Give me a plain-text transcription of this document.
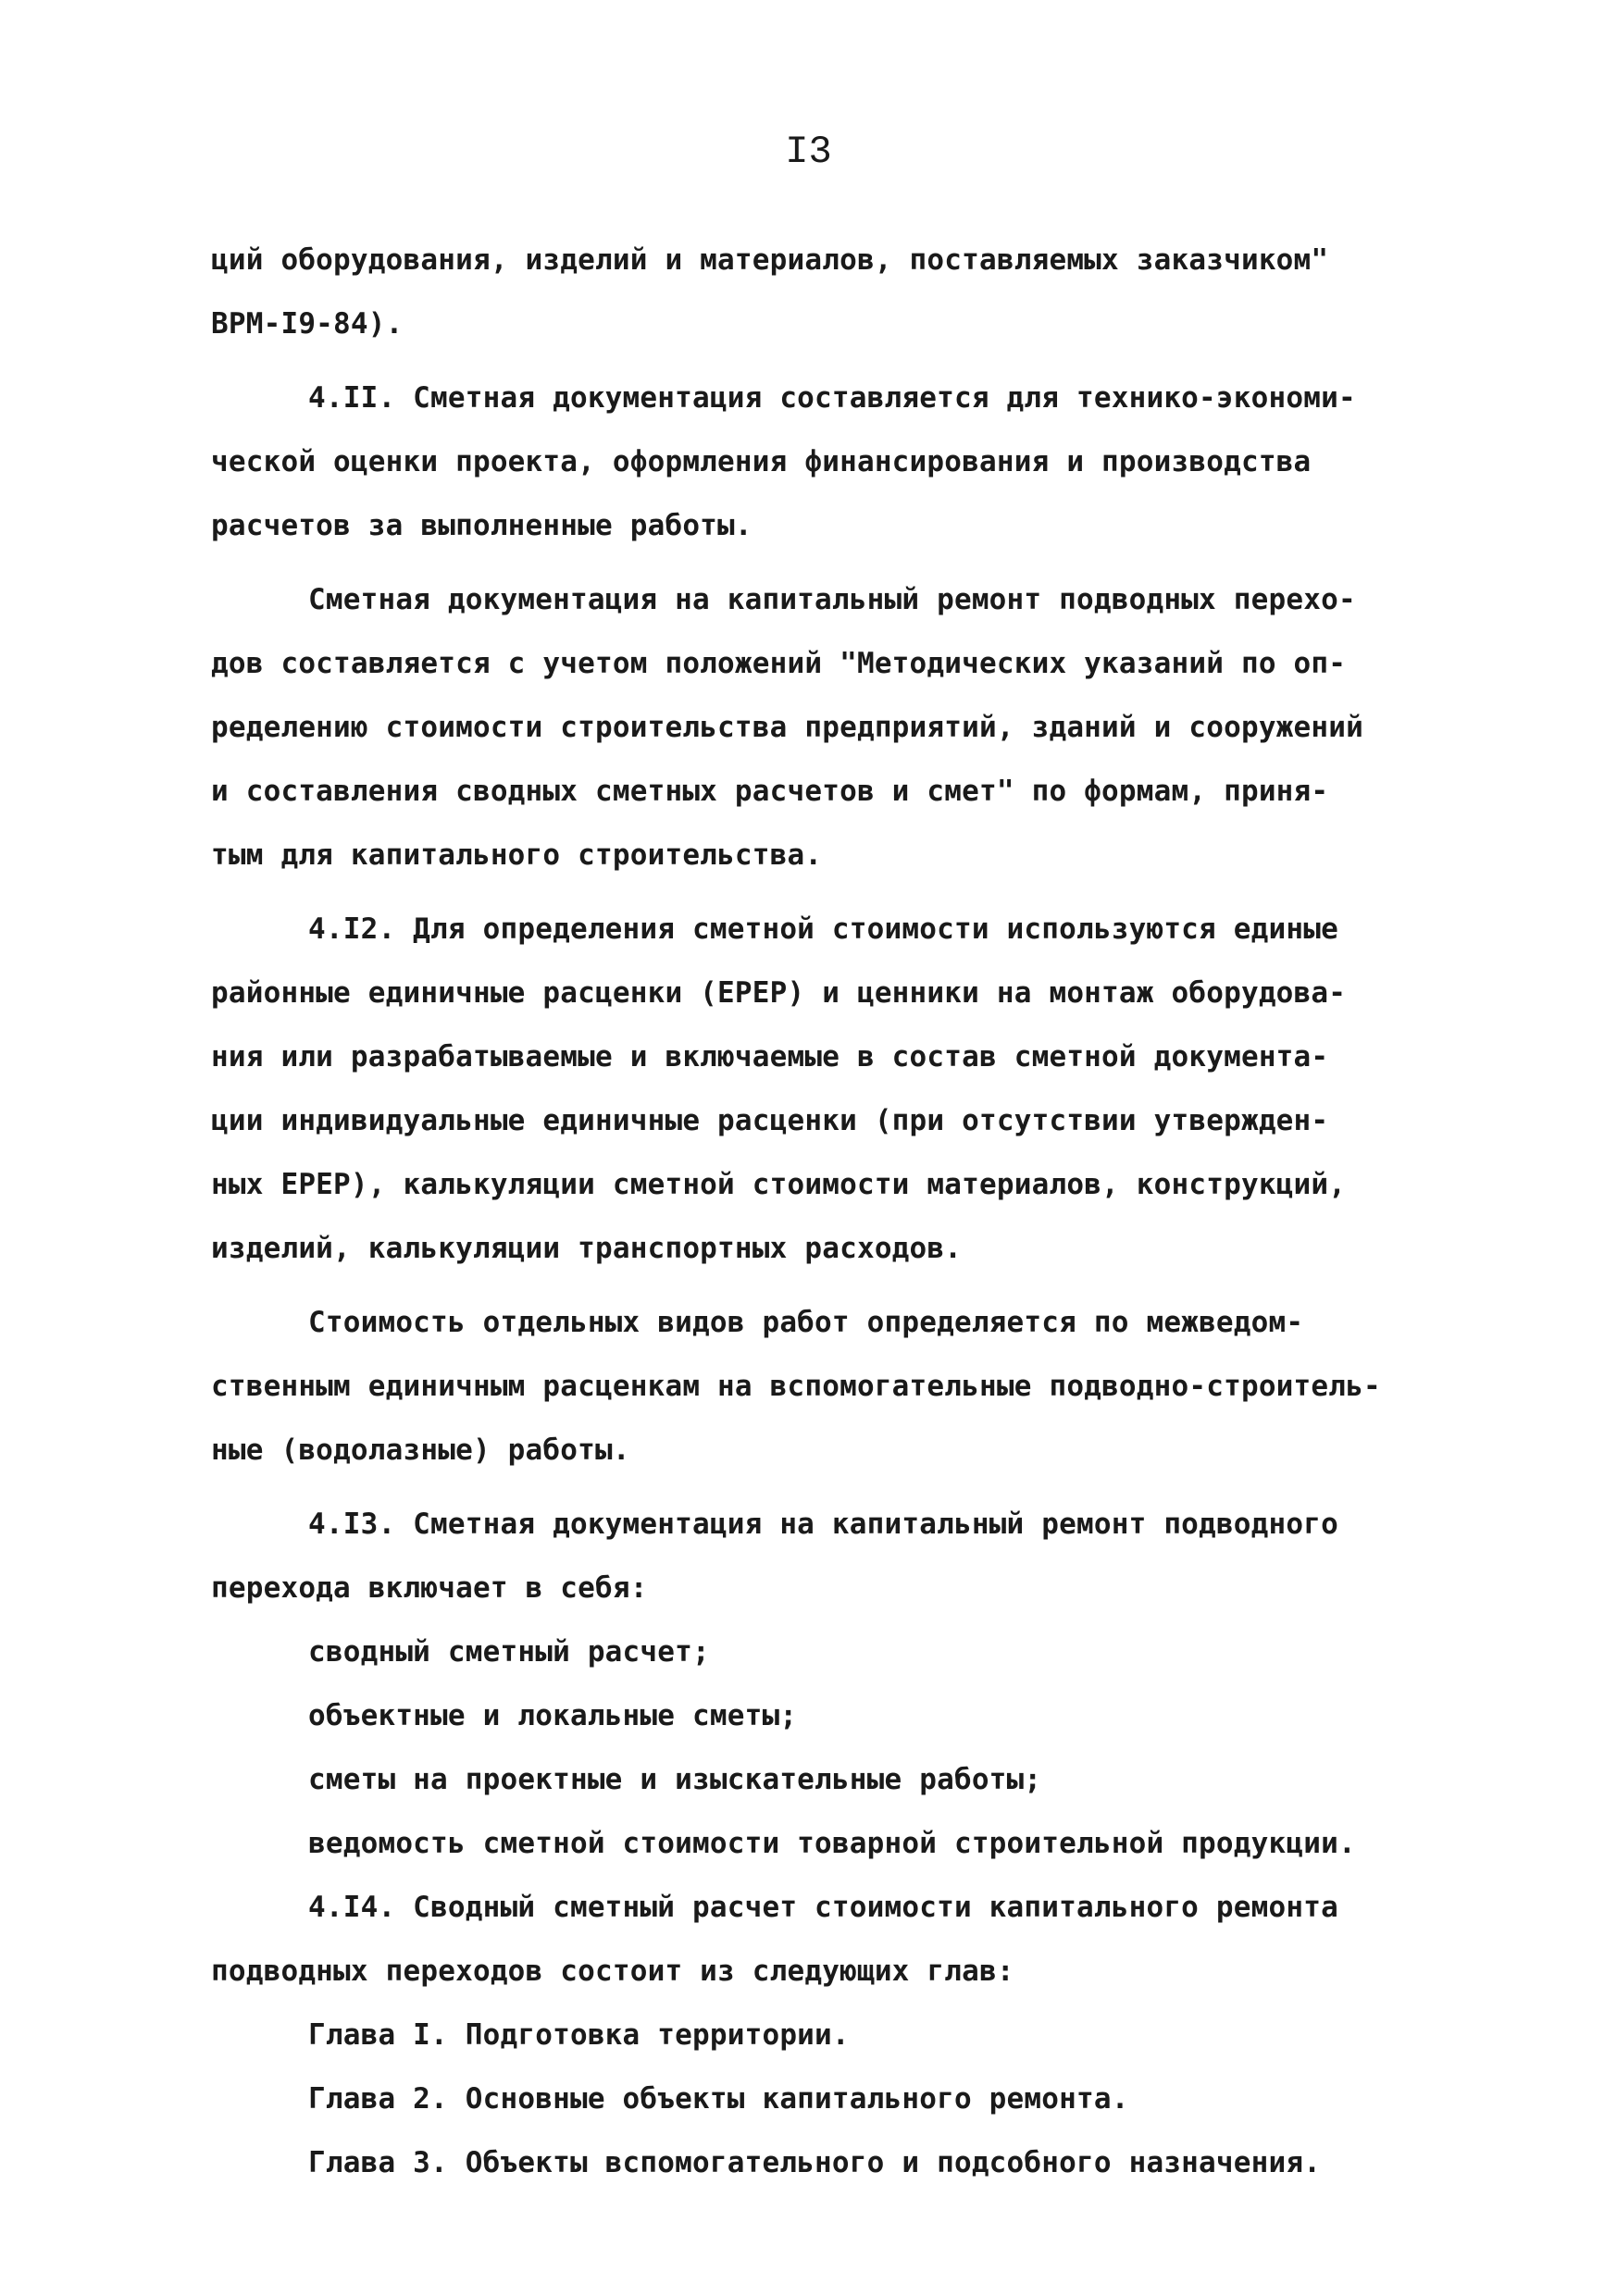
I3
ций оборудования, изделий и материалов, поставляемых заказчиком"
ВРМ-I9-84).
4.II. Сметная документация составляется для технико-экономи-
ческой оценки проекта, оформления финансирования и производства
расчетов за выполненные работы.
Сметная документация на капитальный ремонт подводных перехо-
дов составляется с учетом положений "Методических указаний по оп-
ределению стоимости строительства предприятий, зданий и сооружений
и составления сводных сметных расчетов и смет" по формам, приня-
тым для капитального строительства.
4.I2. Для определения сметной стоимости используются единые
районные единичные расценки (ЕРЕР) и ценники на монтаж оборудова-
ния или разрабатываемые и включаемые в состав сметной документа-
ции индивидуальные единичные расценки (при отсутствии утвержден-
ных ЕРЕР), калькуляции сметной стоимости материалов, конструкций,
изделий, калькуляции транспортных расходов.
Стоимость отдельных видов работ определяется по межведом-
ственным единичным расценкам на вспомогательные подводно-строитель-
ные (водолазные) работы.
4.I3. Сметная документация на капитальный ремонт подводного
перехода включает в себя:
сводный сметный расчет;
объектные и локальные сметы;
сметы на проектные и изыскательные работы;
ведомость сметной стоимости товарной строительной продукции.
4.I4. Сводный сметный расчет стоимости капитального ремонта
подводных переходов состоит из следующих глав:
Глава I. Подготовка территории.
Глава 2. Основные объекты капитального ремонта.
Глава 3. Объекты вспомогательного и подсобного назначения.
